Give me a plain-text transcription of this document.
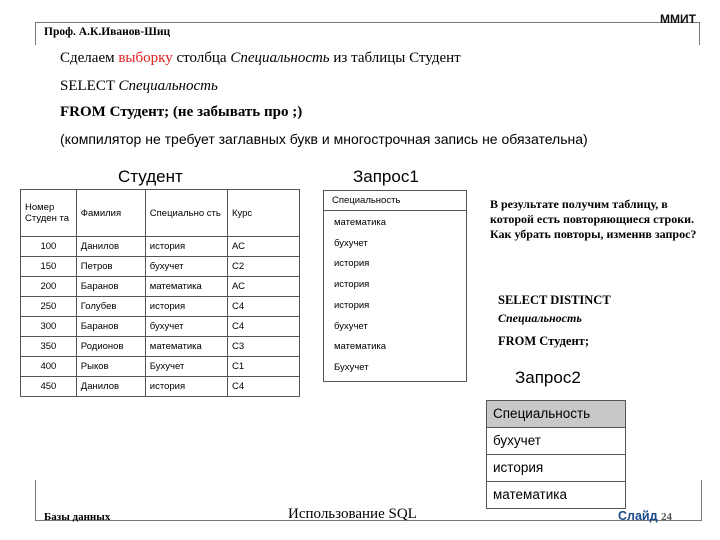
Проф. А.К.Иванов-Шиц
ММИТ
Сделаем выборку столбца Специальность из таблицы Студент
SELECT Специальность
FROM Студент; (не забывать про ;)
(компилятор не требует заглавных букв и многострочная запись не обязательна)
Студент	Запрос1
Номер Студен та	Фамилия	Специально сть	Курс
100	Данилов	история	АС
150	Петров	бухучет	С2
200	Баранов	математика	АС
250	Голубев	история	С4
300	Баранов	бухучет	С4
350	Родионов	математика	С3
400	Рыков	Бухучет	С1
450	Данилов	история	С4
Специальность
математика
бухучет
история
история
история
бухучет
математика
Бухучет
В результате получим таблицу, в которой есть повторяющиеся строки. Как убрать повторы, изменив запрос?
SELECT DISTINCT
Специальность
FROM Студент;
Запрос2
Специальность
бухучет
история
математика
Базы данных	Использование SQL	Слайд 24
